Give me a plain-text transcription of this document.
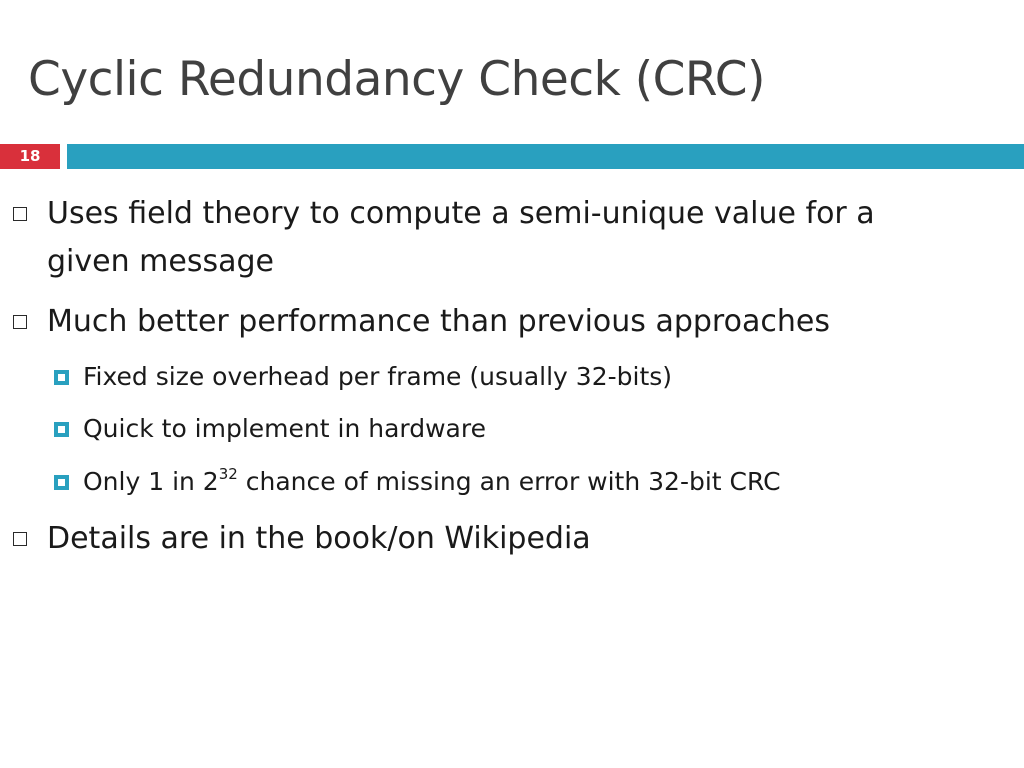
Cyclic Redundancy Check (CRC)
18
Uses field theory to compute a semi-unique value for a
given message
Much better performance than previous approaches
Fixed size overhead per frame (usually 32-bits)
Quick to implement in hardware
Only 1 in $2^{32}$ chance of missing an error with 32-bit CRC
Details are in the book/on Wikipedia
